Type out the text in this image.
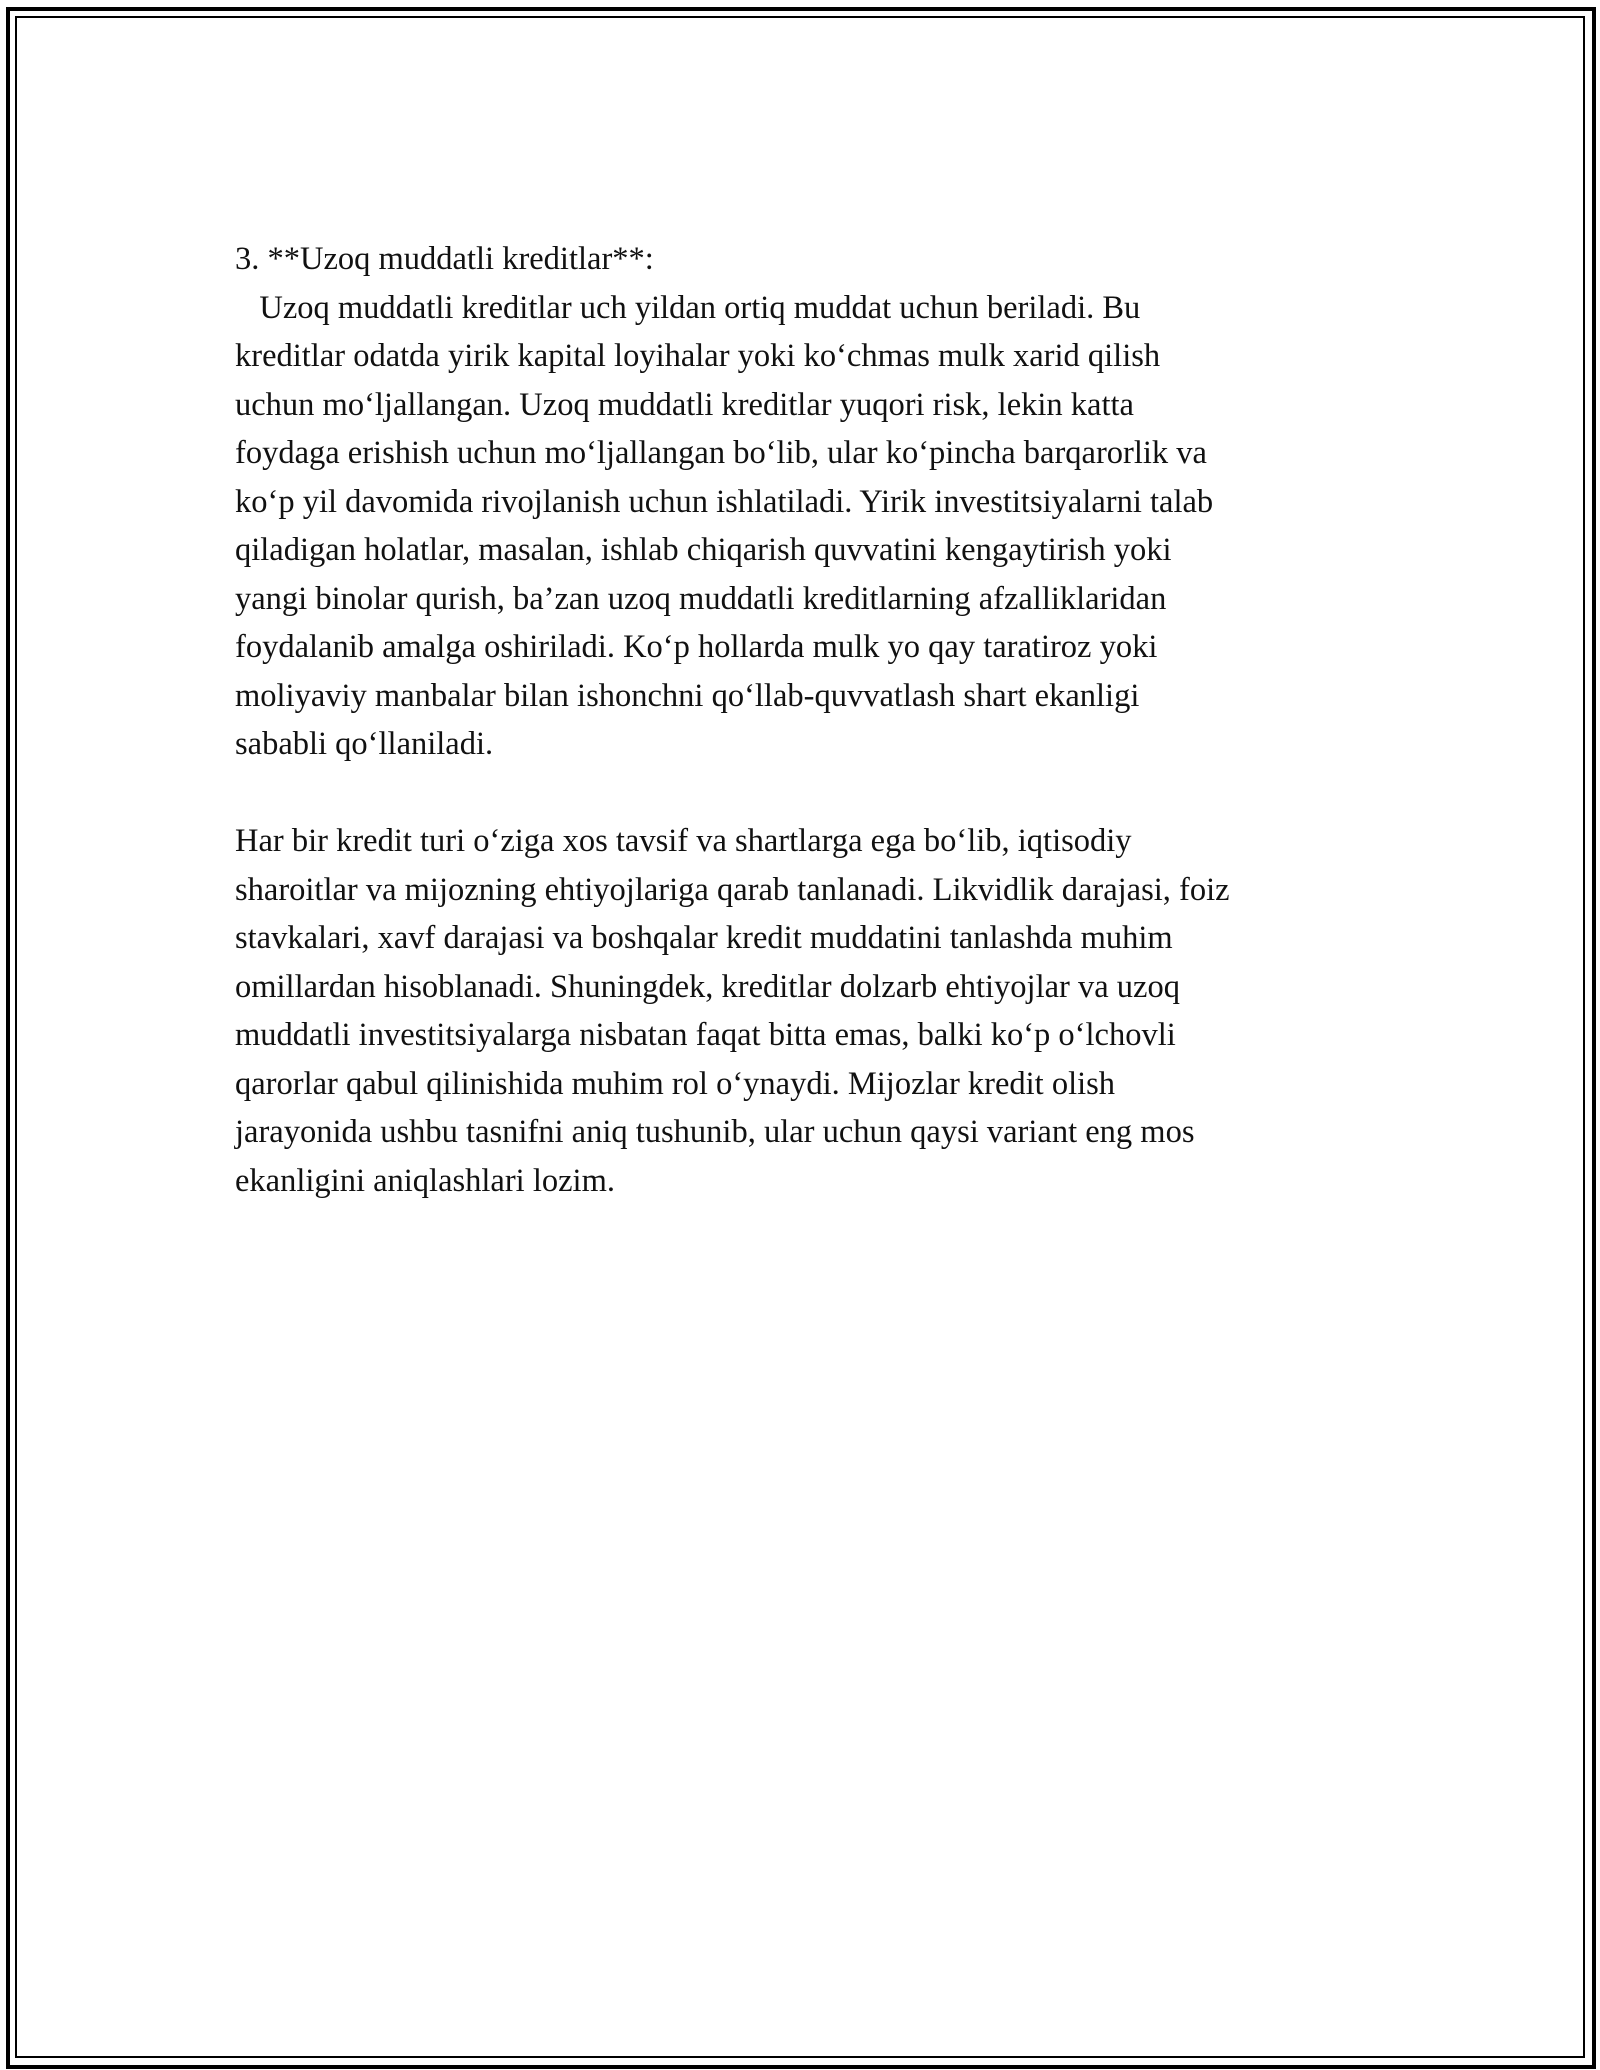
3. **Uzoq muddatli kreditlar**:

Uzoq muddatli kreditlar uch yildan ortiq muddat uchun beriladi. Bu

kreditlar odatda yirik kapital loyihalar yoki ko‘chmas mulk xarid qilish

uchun mo‘ljallangan. Uzoq muddatli kreditlar yuqori risk, lekin katta

foydaga erishish uchun mo‘ljallangan bo‘lib, ular ko‘pincha barqarorlik va

ko‘p yil davomida rivojlanish uchun ishlatiladi. Yirik investitsiyalarni talab

qiladigan holatlar, masalan, ishlab chiqarish quvvatini kengaytirish yoki

yangi binolar qurish, ba’zan uzoq muddatli kreditlarning afzalliklaridan

foydalanib amalga oshiriladi. Ko‘p hollarda mulk yo qay taratiroz yoki

moliyaviy manbalar bilan ishonchni qo‘llab-quvvatlash shart ekanligi

sababli qo‘llaniladi.

Har bir kredit turi o‘ziga xos tavsif va shartlarga ega bo‘lib, iqtisodiy

sharoitlar va mijozning ehtiyojlariga qarab tanlanadi. Likvidlik darajasi, foiz

stavkalari, xavf darajasi va boshqalar kredit muddatini tanlashda muhim

omillardan hisoblanadi. Shuningdek, kreditlar dolzarb ehtiyojlar va uzoq

muddatli investitsiyalarga nisbatan faqat bitta emas, balki ko‘p o‘lchovli

qarorlar qabul qilinishida muhim rol o‘ynaydi. Mijozlar kredit olish

jarayonida ushbu tasnifni aniq tushunib, ular uchun qaysi variant eng mos

ekanligini aniqlashlari lozim.
